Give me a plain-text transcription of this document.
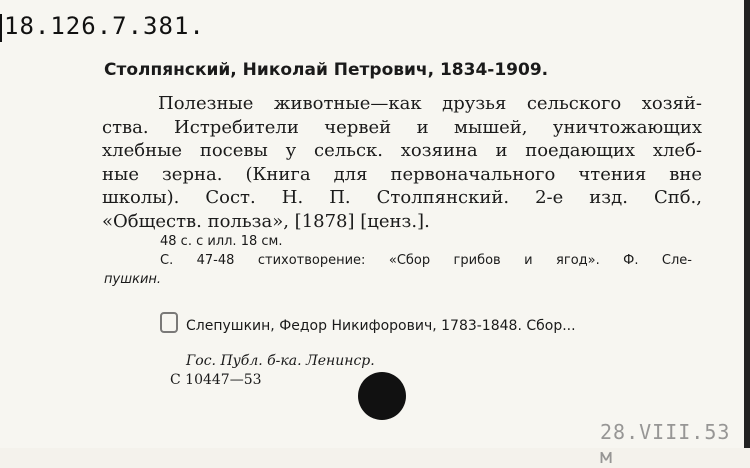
18.126.7.381.
Столпянский, Николай Петрович, 1834-1909.
Полезные животные—как друзья сельского хозяй-
ства. Истребители червей и мышей, уничтожающих
хлебные посевы у сельск. хозяина и поедающих хлеб-
ные зерна. (Книга для первоначального чтения вне
школы). Сост. Н. П. Столпянский. 2-е изд. Спб.,
«Обществ. польза», [1878] [ценз.].
48 с. с илл. 18 см.
С. 47-48 стихотворение: «Сбор грибов и ягод». Ф. Сле-
пушкин.
Слепушкин, Федор Никифорович, 1783-1848. Сбор...
Гос. Публ. б-ка. Ленинср.
С 10447—53
28.VIII.53 м
